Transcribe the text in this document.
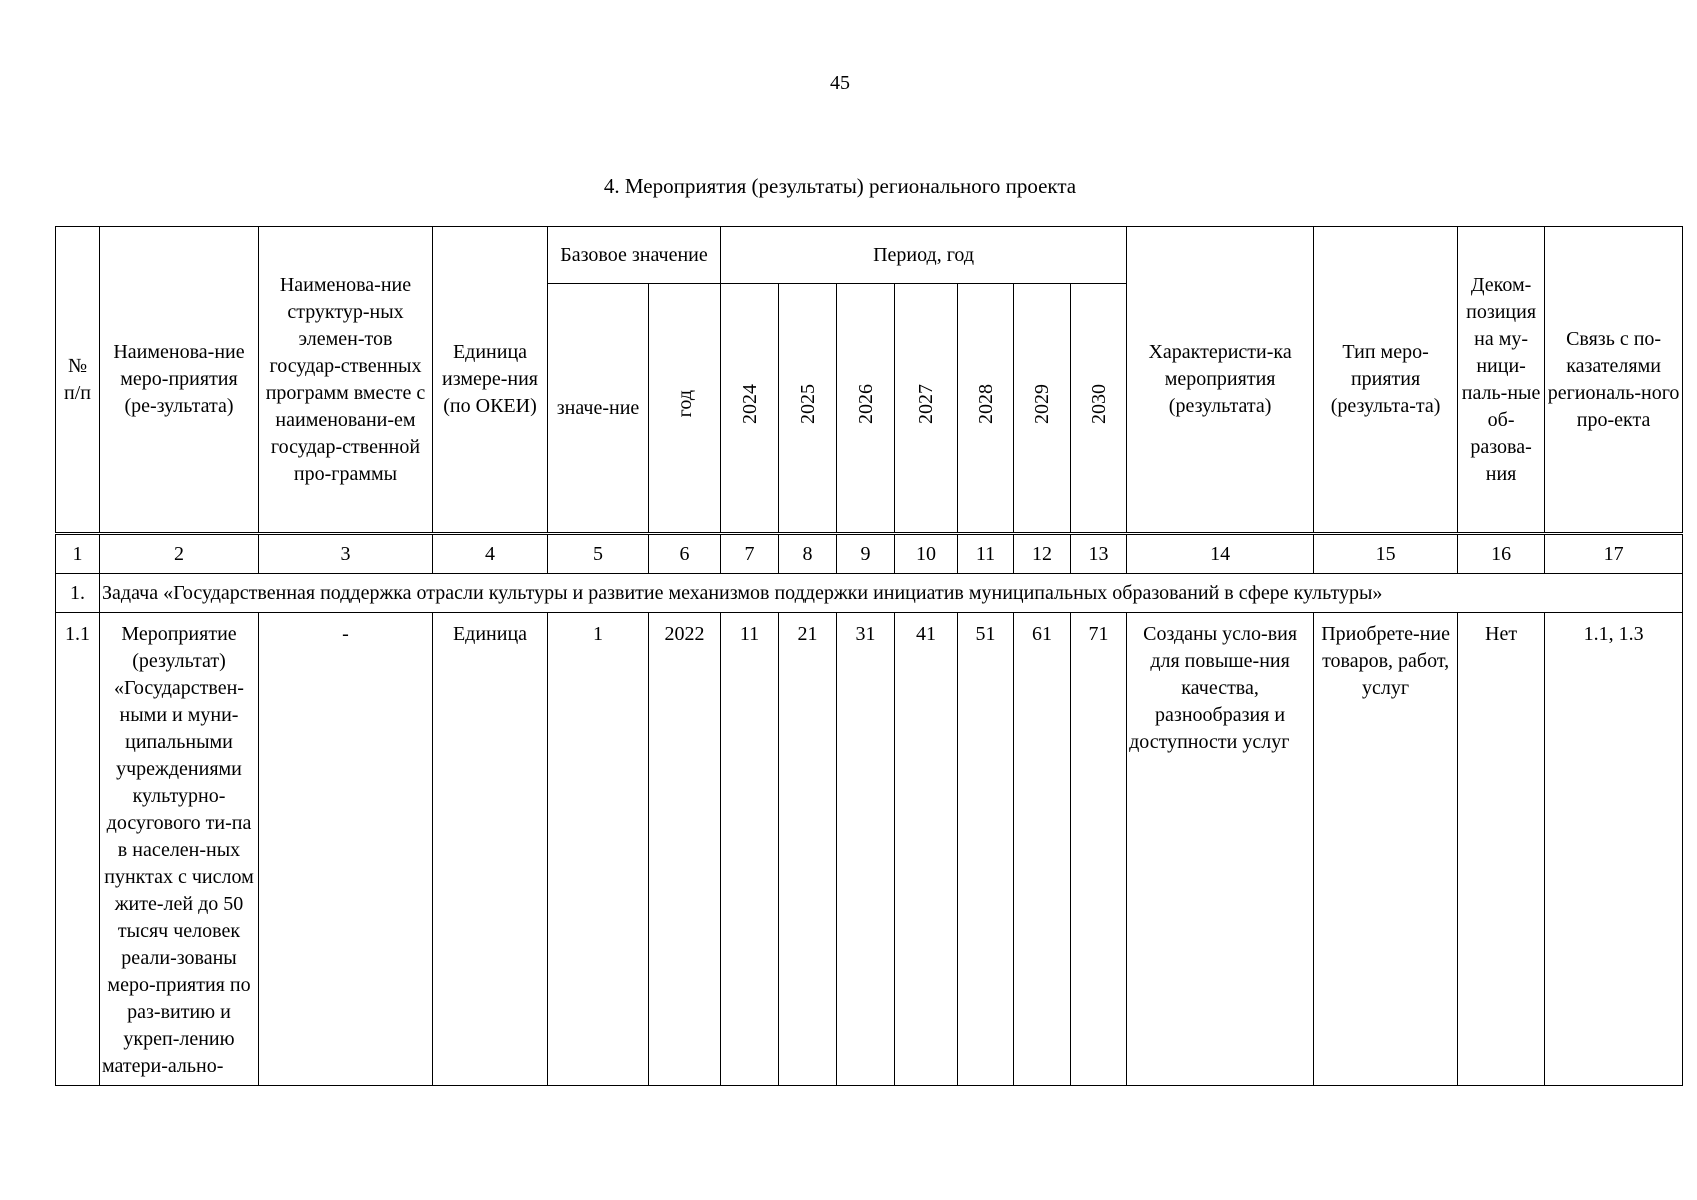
45
4. Мероприятия (результаты) регионального проекта
№ п/п	Наименова-ние меро-приятия (ре-зультата)	Наименова-ние структур-ных элемен-тов государ-ственных программ вместе с наименовани-ем государ-ственной про-граммы	Единица измере-ния (по ОКЕИ)	Базовое значение		Период, год							Характеристи-ка мероприятия (результата)	Тип меро-приятия (результа-та)	Деком-позиция на му-ници-паль-ные об-разова-ния	Связь с по-казателями региональ-ного про-екта
				значе-ние	год	2024	2025	2026	2027	2028	2029	2030				
1	2	3	4	5	6	7	8	9	10	11	12	13	14	15	16	17
1.	Задача «Государственная поддержка отрасли культуры и развитие механизмов поддержки инициатив муниципальных образований в сфере культуры»															
1.1	Мероприятие (результат) «Государствен-ными и муни-ципальными учреждениями культурно-досугового ти-па в населен-ных пунктах с числом жите-лей до 50 тысяч человек реали-зованы меро-приятия по раз-витию и укреп-лению матери-ально-	-	Единица	1	2022	11	21	31	41	51	61	71	Созданы усло-вия для повыше-ния качества, разнообразия и доступности услуг	Приобрете-ние товаров, работ, услуг	Нет	1.1, 1.3
